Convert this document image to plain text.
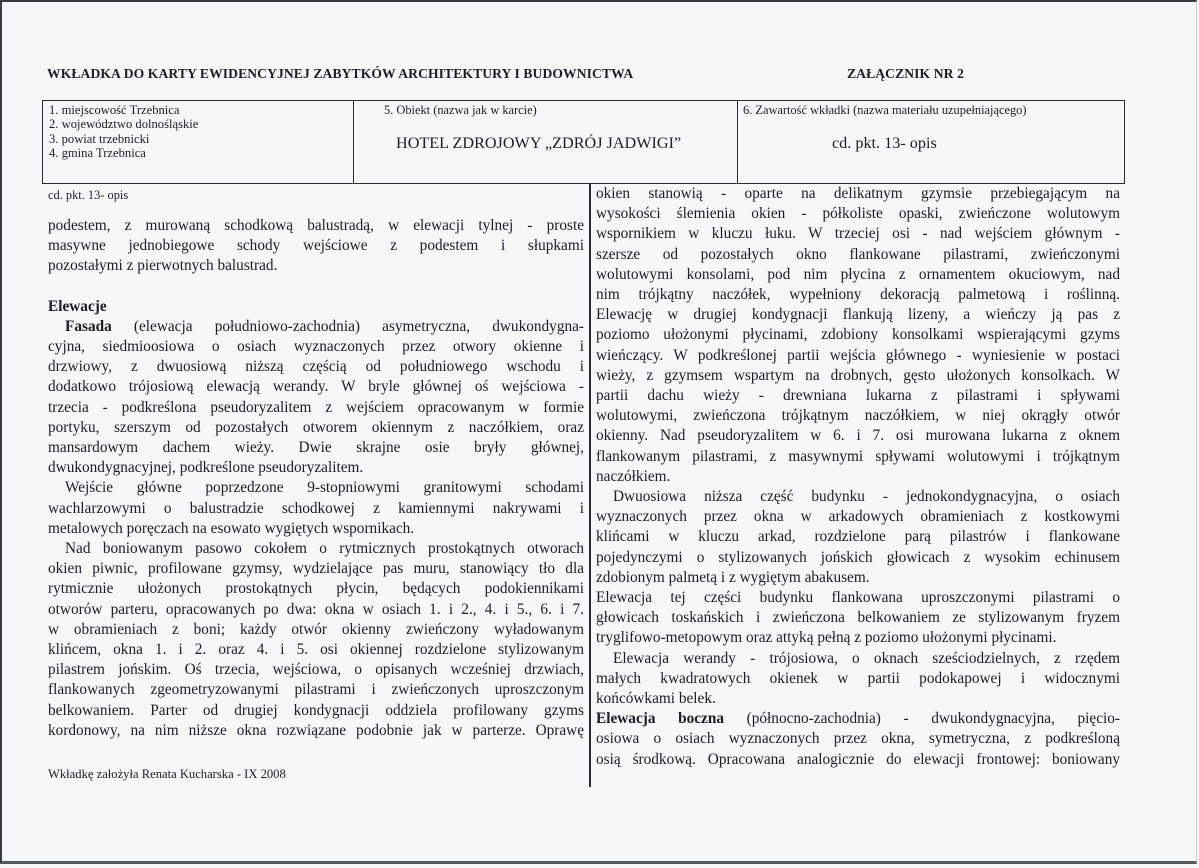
WKŁADKA DO KARTY EWIDENCYJNEJ ZABYTKÓW ARCHITEKTURY I BUDOWNICTWA	ZAŁĄCZNIK NR 2
1. miejscowość Trzebnica
2. województwo dolnośląskie
3. powiat trzebnicki
4. gmina Trzebnica
5. Obiekt (nazwa jak w karcie)
HOTEL ZDROJOWY „ZDRÓJ JADWIGI”
6. Zawartość wkładki (nazwa materiału uzupełniającego)
cd. pkt. 13- opis
cd. pkt. 13- opis
podestem, z murowaną schodkową balustradą, w elewacji tylnej - proste
masywne jednobiegowe schody wejściowe z podestem i słupkami
pozostałymi z pierwotnych balustrad.
Elewacje
Fasada (elewacja południowo-zachodnia) asymetryczna, dwukondygna-
cyjna, siedmioosiowa o osiach wyznaczonych przez otwory okienne i
drzwiowy, z dwuosiową niższą częścią od południowego wschodu i
dodatkowo trójosiową elewacją werandy. W bryle głównej oś wejściowa -
trzecia - podkreślona pseudoryzalitem z wejściem opracowanym w formie
portyku, szerszym od pozostałych otworem okiennym z naczółkiem, oraz
mansardowym dachem wieży. Dwie skrajne osie bryły głównej,
dwukondygnacyjnej, podkreślone pseudoryzalitem.
Wejście główne poprzedzone 9-stopniowymi granitowymi schodami
wachlarzowymi o balustradzie schodkowej z kamiennymi nakrywami i
metalowych poręczach na esowato wygiętych wspornikach.
Nad boniowanym pasowo cokołem o rytmicznych prostokątnych otworach
okien piwnic, profilowane gzymsy, wydzielające pas muru, stanowiący tło dla
rytmicznie ułożonych prostokątnych płycin, będących podokiennikami
otworów parteru, opracowanych po dwa: okna w osiach 1. i 2., 4. i 5., 6. i 7.
w obramieniach z boni; każdy otwór okienny zwieńczony wyładowanym
klińcem, okna 1. i 2. oraz 4. i 5. osi okiennej rozdzielone stylizowanym
pilastrem jońskim. Oś trzecia, wejściowa, o opisanych wcześniej drzwiach,
flankowanych zgeometryzowanymi pilastrami i zwieńczonych uproszczonym
belkowaniem. Parter od drugiej kondygnacji oddziela profilowany gzyms
kordonowy, na nim niższe okna rozwiązane podobnie jak w parterze. Oprawę
okien stanowią - oparte na delikatnym gzymsie przebiegającym na
wysokości ślemienia okien - półkoliste opaski, zwieńczone wolutowym
wspornikiem w kluczu łuku. W trzeciej osi - nad wejściem głównym -
szersze od pozostałych okno flankowane pilastrami, zwieńczonymi
wolutowymi konsolami, pod nim płycina z ornamentem okuciowym, nad
nim trójkątny naczółek, wypełniony dekoracją palmetową i roślinną.
Elewację w drugiej kondygnacji flankują lizeny, a wieńczy ją pas z
poziomo ułożonymi płycinami, zdobiony konsolkami wspierającymi gzyms
wieńczący. W podkreślonej partii wejścia głównego - wyniesienie w postaci
wieży, z gzymsem wspartym na drobnych, gęsto ułożonych konsolkach. W
partii dachu wieży - drewniana lukarna z pilastrami i spływami
wolutowymi, zwieńczona trójkątnym naczółkiem, w niej okrągły otwór
okienny. Nad pseudoryzalitem w 6. i 7. osi murowana lukarna z oknem
flankowanym pilastrami, z masywnymi spływami wolutowymi i trójkątnym
naczółkiem.
Dwuosiowa niższa część budynku - jednokondygnacyjna, o osiach
wyznaczonych przez okna w arkadowych obramieniach z kostkowymi
klińcami w kluczu arkad, rozdzielone parą pilastrów i flankowane
pojedynczymi o stylizowanych jońskich głowicach z wysokim echinusem
zdobionym palmetą i z wygiętym abakusem.
Elewacja tej części budynku flankowana uproszczonymi pilastrami o
głowicach toskańskich i zwieńczona belkowaniem ze stylizowanym fryzem
tryglifowo-metopowym oraz attyką pełną z poziomo ułożonymi płycinami.
Elewacja werandy - trójosiowa, o oknach sześciodzielnych, z rzędem
małych kwadratowych okienek w partii podokapowej i widocznymi
końcówkami belek.
Elewacja boczna (północno-zachodnia) - dwukondygnacyjna, pięcio-
osiowa o osiach wyznaczonych przez okna, symetryczna, z podkreśloną
osią środkową. Opracowana analogicznie do elewacji frontowej: boniowany
Wkładkę założyła Renata Kucharska - IX 2008
